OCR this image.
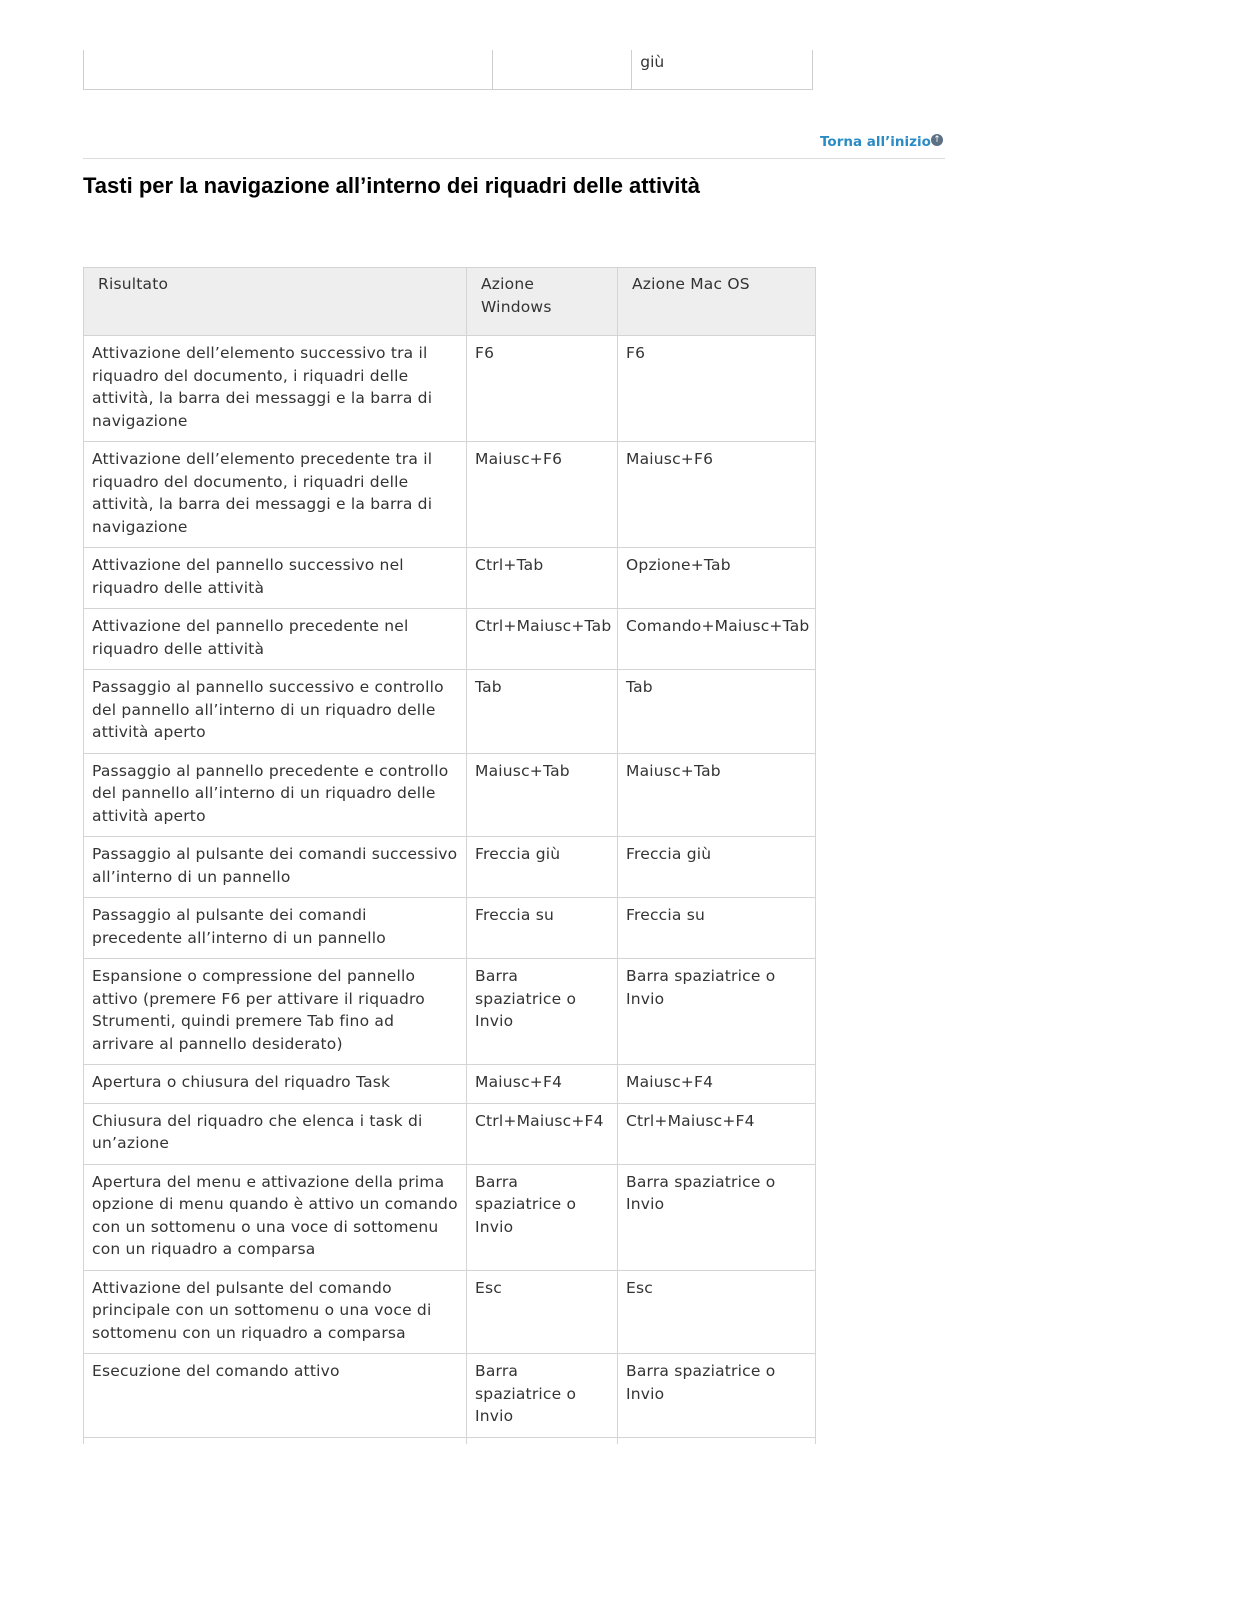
		giù
Torna all’inizio ↑
Tasti per la navigazione all’interno dei riquadri delle attività
Risultato	Azione Windows	Azione Mac OS
Attivazione dell’elemento successivo tra il riquadro del documento, i riquadri delle attività, la barra dei messaggi e la barra di navigazione	F6	F6
Attivazione dell’elemento precedente tra il riquadro del documento, i riquadri delle attività, la barra dei messaggi e la barra di navigazione	Maiusc+F6	Maiusc+F6
Attivazione del pannello successivo nel riquadro delle attività	Ctrl+Tab	Opzione+Tab
Attivazione del pannello precedente nel riquadro delle attività	Ctrl+Maiusc+Tab	Comando+Maiusc+Tab
Passaggio al pannello successivo e controllo del pannello all’interno di un riquadro delle attività aperto	Tab	Tab
Passaggio al pannello precedente e controllo del pannello all’interno di un riquadro delle attività aperto	Maiusc+Tab	Maiusc+Tab
Passaggio al pulsante dei comandi successivo all’interno di un pannello	Freccia giù	Freccia giù
Passaggio al pulsante dei comandi precedente all’interno di un pannello	Freccia su	Freccia su
Espansione o compressione del pannello attivo (premere F6 per attivare il riquadro Strumenti, quindi premere Tab fino ad arrivare al pannello desiderato)	Barra spaziatrice o Invio	Barra spaziatrice o Invio
Apertura o chiusura del riquadro Task	Maiusc+F4	Maiusc+F4
Chiusura del riquadro che elenca i task di un’azione	Ctrl+Maiusc+F4	Ctrl+Maiusc+F4
Apertura del menu e attivazione della prima opzione di menu quando è attivo un comando con un sottomenu o una voce di sottomenu con un riquadro a comparsa	Barra spaziatrice o Invio	Barra spaziatrice o Invio
Attivazione del pulsante del comando principale con un sottomenu o una voce di sottomenu con un riquadro a comparsa	Esc	Esc
Esecuzione del comando attivo	Barra spaziatrice o Invio	Barra spaziatrice o Invio
